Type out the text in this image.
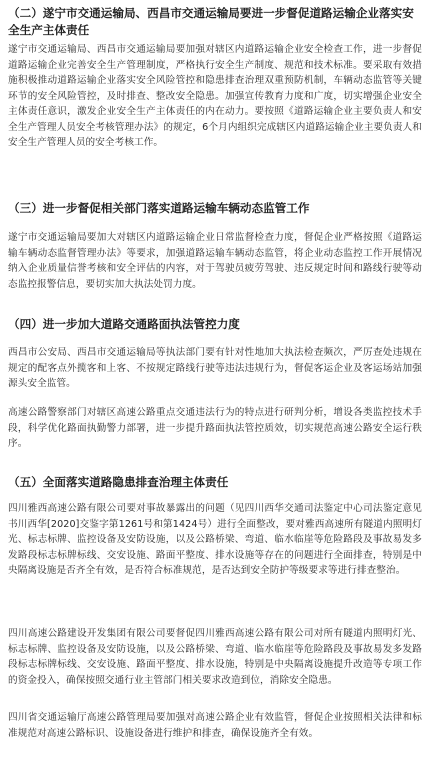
（二）遂宁市交通运输局、西昌市交通运输局要进一步督促道路运输企业落实安全生产主体责任

遂宁市交通运输局、西昌市交通运输局要加强对辖区内道路运输企业安全检查工作，进一步督促道路运输企业完善安全生产管理制度，严格执行安全生产制度、规范和技术标准。要采取有效措施积极推动道路运输企业落实安全风险管控和隐患排查治理双重预防机制，车辆动态监管等关键环节的安全风险管控，及时排查、整改安全隐患。加强宣传教育力度和广度，切实增强企业安全主体责任意识，激发企业安全生产主体责任的内在动力。要按照《道路运输企业主要负责人和安全生产管理人员安全考核管理办法》的规定，6个月内组织完成辖区内道路运输企业主要负责人和安全生产管理人员的安全考核工作。

（三）进一步督促相关部门落实道路运输车辆动态监管工作

遂宁市交通运输局要加大对辖区内道路运输企业日常监督检查力度，督促企业严格按照《道路运输车辆动态监督管理办法》等要求，加强道路运输车辆动态监管，将企业动态监控工作开展情况纳入企业质量信誉考核和安全评估的内容，对于驾驶员疲劳驾驶、违反规定时间和路线行驶等动态监控报警信息，要切实加大执法处罚力度。

（四）进一步加大道路交通路面执法管控力度

西昌市公安局、西昌市交通运输局等执法部门要有针对性地加大执法检查频次，严厉查处违规在规定的配客点外揽客和上客、不按规定路线行驶等违法违规行为，督促客运企业及客运场站加强源头安全监管。

高速公路警察部门对辖区高速公路重点交通违法行为的特点进行研判分析，增设各类监控技术手段，科学优化路面执勤警力部署，进一步提升路面执法管控质效，切实规范高速公路安全运行秩序。

（五）全面落实道路隐患排查治理主体责任

四川雅西高速公路有限公司要对事故暴露出的问题（见四川西华交通司法鉴定中心司法鉴定意见书川西华[2020]交鉴字第1261号和第1424号）进行全面整改，要对雅西高速所有隧道内照明灯光、标志标牌、监控设备及安防设施，以及公路桥梁、弯道、临水临崖等危险路段及事故易发多发路段标志标牌标线、交安设施、路面平整度、排水设施等存在的问题进行全面排查，特别是中央隔离设施是否齐全有效，是否符合标准规范，是否达到安全防护等级要求等进行排查整治。

四川高速公路建设开发集团有限公司要督促四川雅西高速公路有限公司对所有隧道内照明灯光、标志标牌、监控设备及安防设施，以及公路桥梁、弯道、临水临崖等危险路段及事故易发多发路段标志标牌标线、交安设施、路面平整度、排水设施，特别是中央隔离设施提升改造等专项工作的资金投入，确保按照交通行业主管部门相关要求改造到位，消除安全隐患。

四川省交通运输厅高速公路管理局要加强对高速公路企业有效监管，督促企业按照相关法律和标准规范对高速公路标识、设施设备进行维护和排查，确保设施齐全有效。
